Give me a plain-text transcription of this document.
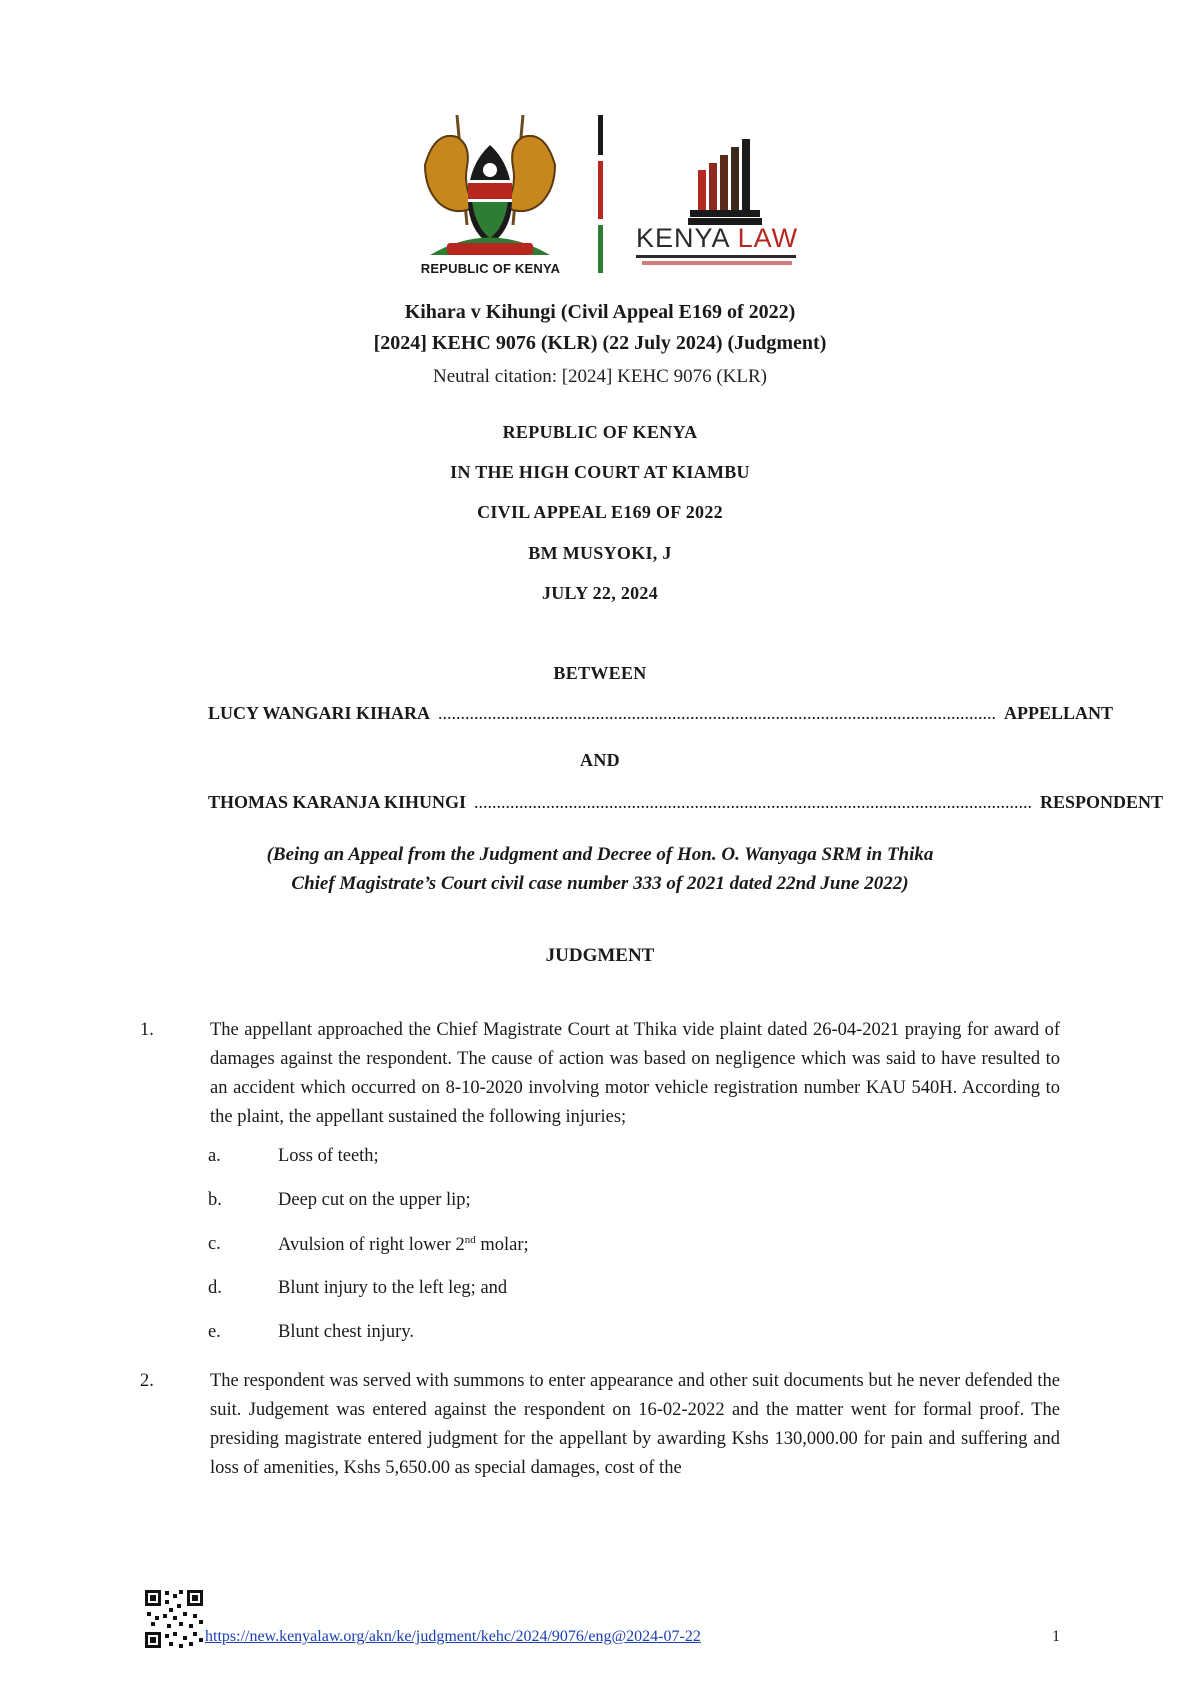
REPUBLIC OF KENYA
KENYA LAW
Kihara v Kihungi (Civil Appeal E169 of 2022)
[2024] KEHC 9076 (KLR) (22 July 2024) (Judgment)
Neutral citation: [2024] KEHC 9076 (KLR)
REPUBLIC OF KENYA
IN THE HIGH COURT AT KIAMBU
CIVIL APPEAL E169 OF 2022
BM MUSYOKI, J
JULY 22, 2024
BETWEEN
LUCY WANGARI KIHARA ............................................................................................................................ APPELLANT
AND
THOMAS KARANJA KIHUNGI ............................................................................................................................ RESPONDENT
(Being an Appeal from the Judgment and Decree of Hon. O. Wanyaga SRM in Thika
Chief Magistrate’s Court civil case number 333 of 2021 dated 22nd June 2022)
JUDGMENT
1.	The appellant approached the Chief Magistrate Court at Thika vide plaint dated 26-04-2021 praying for award of damages against the respondent. The cause of action was based on negligence which was said to have resulted to an accident which occurred on 8-10-2020 involving motor vehicle registration number KAU 540H. According to the plaint, the appellant sustained the following injuries;
a.	Loss of teeth;
b.	Deep cut on the upper lip;
c.	Avulsion of right lower 2nd molar;
d.	Blunt injury to the left leg; and
e.	Blunt chest injury.
2.	The respondent was served with summons to enter appearance and other suit documents but he never defended the suit. Judgement was entered against the respondent on 16-02-2022 and the matter went for formal proof. The presiding magistrate entered judgment for the appellant by awarding Kshs 130,000.00 for pain and suffering and loss of amenities, Kshs 5,650.00 as special damages, cost of the
https://new.kenyalaw.org/akn/ke/judgment/kehc/2024/9076/eng@2024-07-22	1
